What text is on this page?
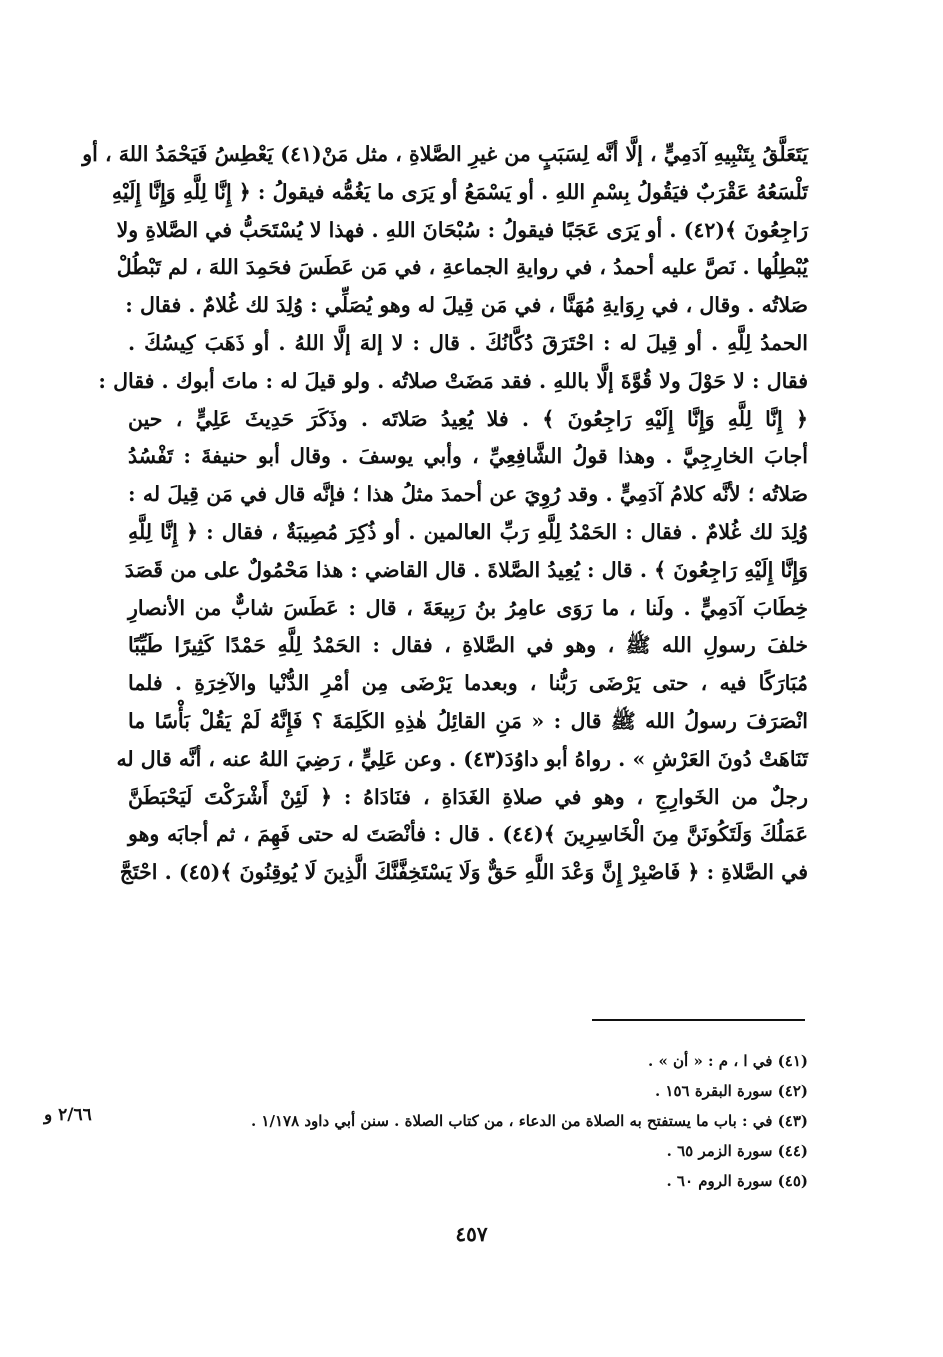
يَتَعَلَّقُ بِتَنْبِيهِ آدَمِيٍّ ، إلَّا أنَّه لِسَبَبٍ من غيرِ الصَّلاةِ ، مثل مَنْ(٤١) يَعْطِسُ فَيَحْمَدُ اللهَ ، أو
تَلْسَعُهُ عَقْرَبٌ فيَقُولُ بِسْمِ اللهِ . أو يَسْمَعُ أو يَرَى ما يَغُمُّه فيقولُ : ﴿ إِنَّا لِلَّهِ وَإِنَّا إِلَيْهِ
رَاجِعُونَ ﴾(٤٢) . أو يَرَى عَجَبًا فيقولُ : سُبْحَانَ اللهِ . فهذا لا يُسْتَحَبُّ في الصَّلاةِ ولا
يُبْطِلُها . نَصَّ عليه أحمدُ ، في روايةِ الجماعةِ ، في مَن عَطَسَ فحَمِدَ اللهَ ، لم تَبْطُلْ
صَلاتُه . وقال ، في رِوَايةِ مُهَنَّا ، في مَن قِيلَ له وهو يُصَلِّي : وُلِدَ لك غُلامٌ . فقال :
الحمدُ لِلَّهِ . أو قِيلَ له : احْتَرَقَ دُكَّانُكَ . قال : لا إلهَ إلَّا اللهُ . أو ذَهَبَ كِيسُكَ .
فقال : لا حَوْلَ ولا قُوَّةَ إلَّا باللهِ . فقد مَضَتْ صلاتُه . ولو قيلَ له : ماتَ أبوك . فقال :
﴿ إِنَّا لِلَّهِ وَإِنَّا إِلَيْهِ رَاجِعُونَ ﴾ . فلا يُعِيدُ صَلاتَه . وذَكَرَ حَدِيثَ عَلِيٍّ ، حين
أجابَ الخارِجِيَّ . وهذا قولُ الشَّافِعِيِّ ، وأبي يوسفَ . وقال أبو حنيفةَ : تَفْسُدُ
صَلاتُه ؛ لأنَّه كلامُ آدَمِيٍّ . وقد رُوِيَ عن أحمدَ مثلُ هذا ؛ فإنَّه قال في مَن قِيلَ له :
وُلِدَ لك غُلامٌ . فقال : الحَمْدُ لِلَّهِ رَبِّ العالمين . أو ذُكِرَ مُصِيبَةٌ ، فقال : ﴿ إِنَّا لِلَّهِ
وَإِنَّا إِلَيْهِ رَاجِعُونَ ﴾ . قال : يُعِيدُ الصَّلاةَ . قال القاضي : هذا مَحْمُولٌ على من قَصَدَ
خِطَابَ آدَمِيٍّ . ولَنا ، ما رَوَى عامِرُ بنُ رَبِيعَةَ ، قال : عَطَسَ شابٌّ من الأنصارِ
خلفَ رسولِ الله ﷺ ، وهو في الصَّلاةِ ، فقال : الحَمْدُ لِلَّهِ حَمْدًا كَثِيرًا طَيِّبًا
مُبَارَكًا فيه ، حتى يَرْضَى رَبُّنا ، وبعدما يَرْضَى مِن أمْرِ الدُّنْيا والآخِرَةِ . فلما
انْصَرَفَ رسولُ الله ﷺ قال : « مَنِ القائِلُ هٰذِهِ الكَلِمَةَ ؟ فَإِنَّهُ لَمْ يَقُلْ بَأْسًا ما
تَنَاهَتْ دُونَ العَرْشِ » . رواهُ أبو داوُدَ(٤٣) . وعن عَلِيٍّ ، رَضِيَ اللهُ عنه ، أنَّه قال له
رجلٌ من الخَوارِجِ ، وهو في صلاةِ الغَدَاةِ ، فنَادَاهُ : ﴿ لَئِنْ أَشْرَكْتَ لَيَحْبَطَنَّ
عَمَلُكَ وَلَتَكُونَنَّ مِنَ الْخَاسِرِينَ ﴾(٤٤) . قال : فأنْصَتَ له حتى فَهِمَ ، ثم أجابَه وهو
في الصَّلاةِ : ﴿ فَاصْبِرْ إِنَّ وَعْدَ اللَّهِ حَقٌّ وَلَا يَسْتَخِفَّنَّكَ الَّذِينَ لَا يُوقِنُونَ ﴾(٤٥) . احْتَجَّ
٢/٦٦ و
(٤١) في ا ، م : « أن » .
(٤٢) سورة البقرة ١٥٦ .
(٤٣) في : باب ما يستفتح به الصلاة من الدعاء ، من كتاب الصلاة . سنن أبي داود ١/١٧٨ .
(٤٤) سورة الزمر ٦٥ .
(٤٥) سورة الروم ٦٠ .
٤٥٧
